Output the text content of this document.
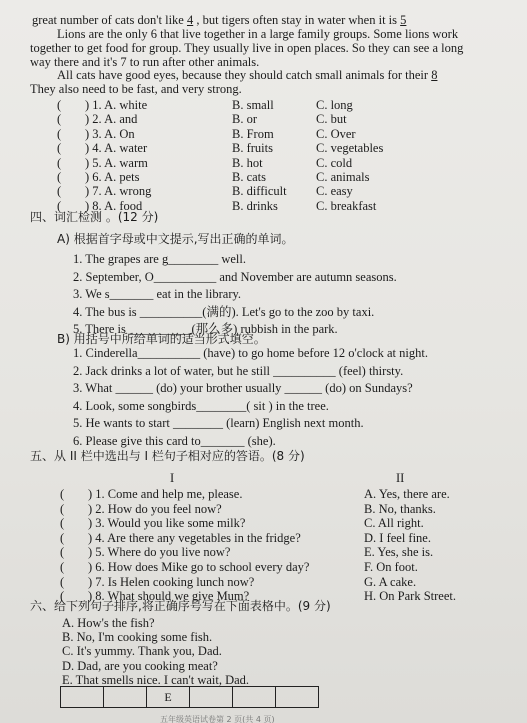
great number of cats don't like 4 , but tigers often stay in water when it is 5
Lions are the only 6 that live together in a large family groups. Some lions work
together to get food for group. They usually live in open places. So they can see a long
way there and it's 7 to run after other animals.
All cats have good eyes, because they should catch small animals for their 8
They also need to be fast, and very strong.
( ) 1. A. white	B. small	C. long
( ) 2. A. and	B. or	C. but
( ) 3. A. On	B. From	C. Over
( ) 4. A. water	B. fruits	C. vegetables
( ) 5. A. warm	B. hot	C. cold
( ) 6. A. pets	B. cats	C. animals
( ) 7. A. wrong	B. difficult C. easy
( ) 8. A. food	B. drinks	C. breakfast
四、词汇检测 。(12 分)
A) 根据首字母或中文提示,写出正确的单词。
1. The grapes are g________ well.
2. September, O__________ and November are autumn seasons.
3. We s_______ eat in the library.
4. The bus is __________(满的). Let's go to the zoo by taxi.
5. There is __________(那么多) rubbish in the park.
B) 用括号中所给单词的适当形式填空。
1. Cinderella__________ (have) to go home before 12 o'clock at night.
2. Jack drinks a lot of water, but he still __________ (feel) thirsty.
3. What ______ (do) your brother usually ______ (do) on Sundays?
4. Look, some songbirds________( sit ) in the tree.
5. He wants to start ________ (learn) English next month.
6. Please give this card to_______ (she).
五、从 II 栏中选出与 I 栏句子相对应的答语。(8 分)
I	II
( ) 1. Come and help me, please.	A. Yes, there are.
( ) 2. How do you feel now?	B. No, thanks.
( ) 3. Would you like some milk?	C. All right.
( ) 4. Are there any vegetables in the fridge?	D. I feel fine.
( ) 5. Where do you live now?	E. Yes, she is.
( ) 6. How does Mike go to school every day?	F. On foot.
( ) 7. Is Helen cooking lunch now?	G. A cake.
( ) 8. What should we give Mum?	H. On Park Street.
六、给下列句子排序,将正确序号写在下面表格中。(9 分)
A. How's the fish?
B. No, I'm cooking some fish.
C. It's yummy. Thank you, Dad.
D. Dad, are you cooking meat?
E. That smells nice. I can't wait, Dad.
		E			
五年级英语试卷第 2 页(共 4 页)
